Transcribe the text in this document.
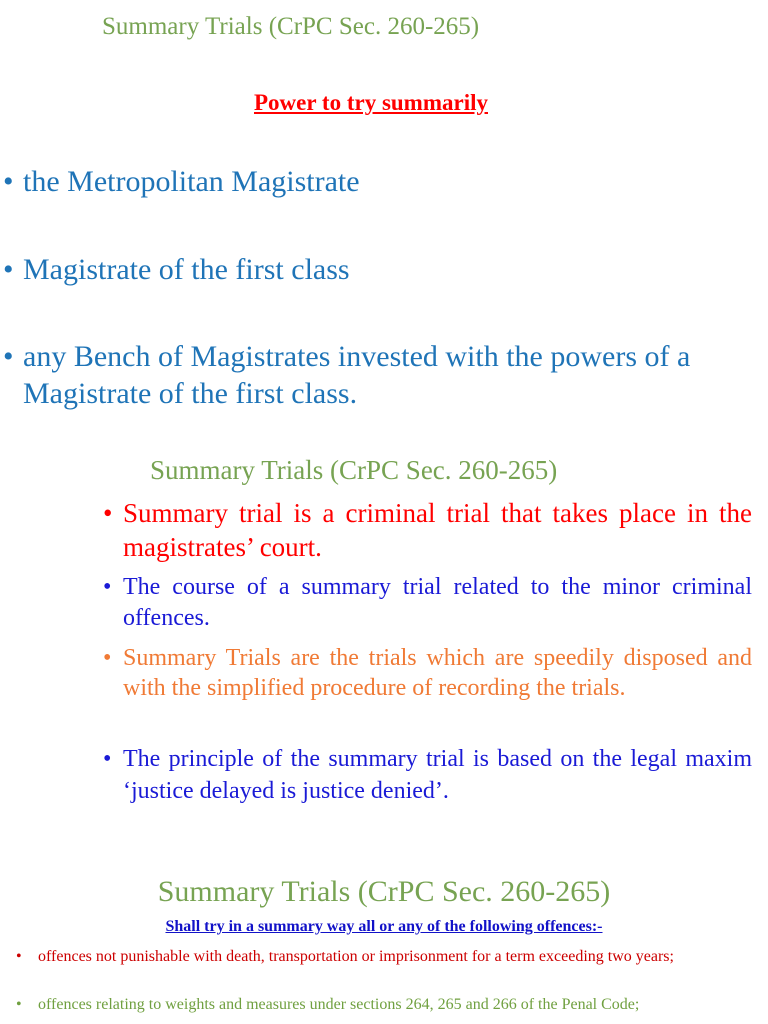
Summary Trials (CrPC Sec. 260-265)
Power to try summarily
• the Metropolitan Magistrate
• Magistrate of the first class
• any Bench of Magistrates invested with the powers of a Magistrate of the first class.
Summary Trials (CrPC Sec. 260-265)
• Summary trial is a criminal trial that takes place in the magistrates’ court.
• The course of a summary trial related to the minor criminal offences.
• Summary Trials are the trials which are speedily disposed and with the simplified procedure of recording the trials.
• The principle of the summary trial is based on the legal maxim ‘justice delayed is justice denied’.
Summary Trials (CrPC Sec. 260-265)
Shall try in a summary way all or any of the following offences:-
• offences not punishable with death, transportation or imprisonment for a term exceeding two years;
• offences relating to weights and measures under sections 264, 265 and 266 of the Penal Code;
